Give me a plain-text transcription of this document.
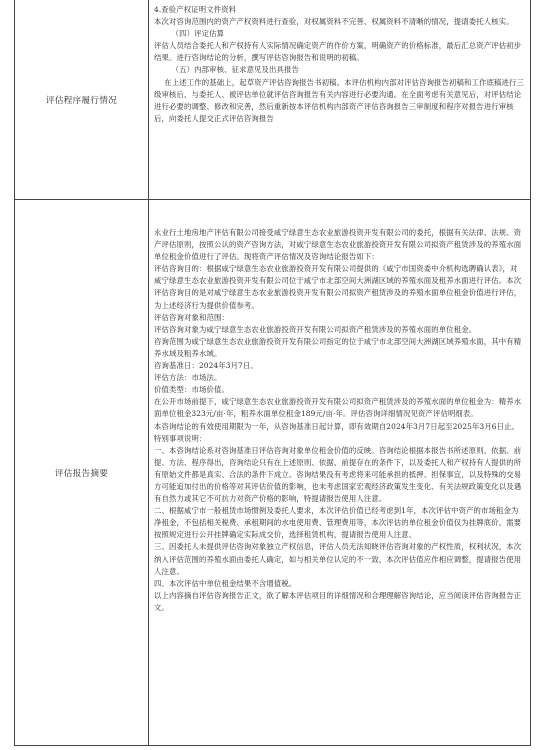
评估程序履行情况

4.查验产权证明文件资料

本次对咨询范围内的资产产权资料进行查验，对权属资料不完善、权属资料不清晰的情况，提请委托人核实。

（四）评定估算

评估人员结合委托人和产权持有人实际情况确定资产的作价方案，明确资产的价格标准，最后汇总资产评估初步结果。进行咨询结论的分析，撰写评估咨询报告和说明的初稿。

（五）内部审核、征求意见及出具报告

在上述工作的基础上，起草资产评估咨询报告书初稿。本评估机构内部对评估咨询报告初稿和工作底稿进行三级审核后，与委托人、被评估单位就评估咨询报告有关内容进行必要沟通。在全面考虑有关意见后，对评估结论进行必要的调整、修改和完善，然后重新按本评估机构内部资产评估咨询报告三审制度和程序对报告进行审核后，向委托人提交正式评估咨询报告

评估报告摘要

永业行土地房地产评估有限公司接受咸宁绿意生态农业旅游投资开发有限公司的委托，根据有关法律、法规、资产评估原则，按照公认的资产咨询方法，对咸宁绿意生态农业旅游投资开发有限公司拟资产租赁涉及的养殖水面单位租金价值进行了评估。现将资产评估情况及咨询结论报告如下：

评估咨询目的：根据咸宁绿意生态农业旅游投资开发有限公司提供的《咸宁市国资委中介机构选聘确认表》，对咸宁绿意生态农业旅游投资开发有限公司位于咸宁市北部空间大洲湖区域的养殖水面及租养水面进行评估。本次评估咨询目的是对咸宁绿意生态农业旅游投资开发有限公司拟资产租赁涉及的养殖水面单位租金价值进行评估，为上述经济行为提供价值参考。

评估咨询对象和范围：

评估咨询对象为咸宁绿意生态农业旅游投资开发有限公司拟资产租赁涉及的养殖水面的单位租金。

咨询范围为咸宁绿意生态农业旅游投资开发有限公司指定的位于咸宁市北部空间大洲湖区域养殖水面，其中有精养水域及粗养水域。

咨询基准日：2024年3月7日。

评估方法：市场法。

价值类型：市场价值。

在公开市场前提下，咸宁绿意生态农业旅游投资开发有限公司拟资产租赁涉及的养殖水面的单位租金为：精养水面单位租金323元/亩·年，粗养水面单位租金189元/亩·年。评估咨询详细情况见资产评估明细表。

本咨询结论的有效使用期限为一年，从咨询基准日起计算，即有效期自2024年3月7日起至2025年3月6日止。

特别事项说明：

一、本咨询结论系对咨询基准日评估咨询对象单位租金价值的反映。咨询结论根据本报告书所述原则、依据、前提、方法、程序得出，咨询结论只有在上述原则、依据、前提存在的条件下，以及委托人和产权持有人提供的所有原始文件都是真实、合法的条件下成立。咨询结果没有考虑将来可能承担的抵押、担保事宜，以及特殊的交易方可能追加付出的价格等对其评估价值的影响，也未考虑国家宏观经济政策发生变化、有关法规政策变化以及遇有自然力或其它不可抗力对资产价格的影响，特提请报告使用人注意。

二、根据咸宁市一般租赁市场惯例及委托人要求，本次评估价值已经考虑到1年，本次评估中资产的市场租金为净租金，不包括相关税费、承租期间的水电使用费、管理费用等，本次评估的单位租金价值仅为挂牌底价，需要按照规定进行公开挂牌确定实际成交价，选择租赁机构，提请报告使用人注意。

三、因委托人未提供评估咨询对象独立产权信息，评估人员无法知晓评估咨询对象的产权性质，权利状况，本次纳入评估范围的养殖水面由委托人确定，如与相关单位认定的不一致，本次评估值应作相应调整，提请报告使用人注意。

四、本次评估中单位租金结果不含增值税。

以上内容摘自评估咨询报告正文，欲了解本评估项目的详细情况和合理理解咨询结论，应当阅读评估咨询报告正文。
